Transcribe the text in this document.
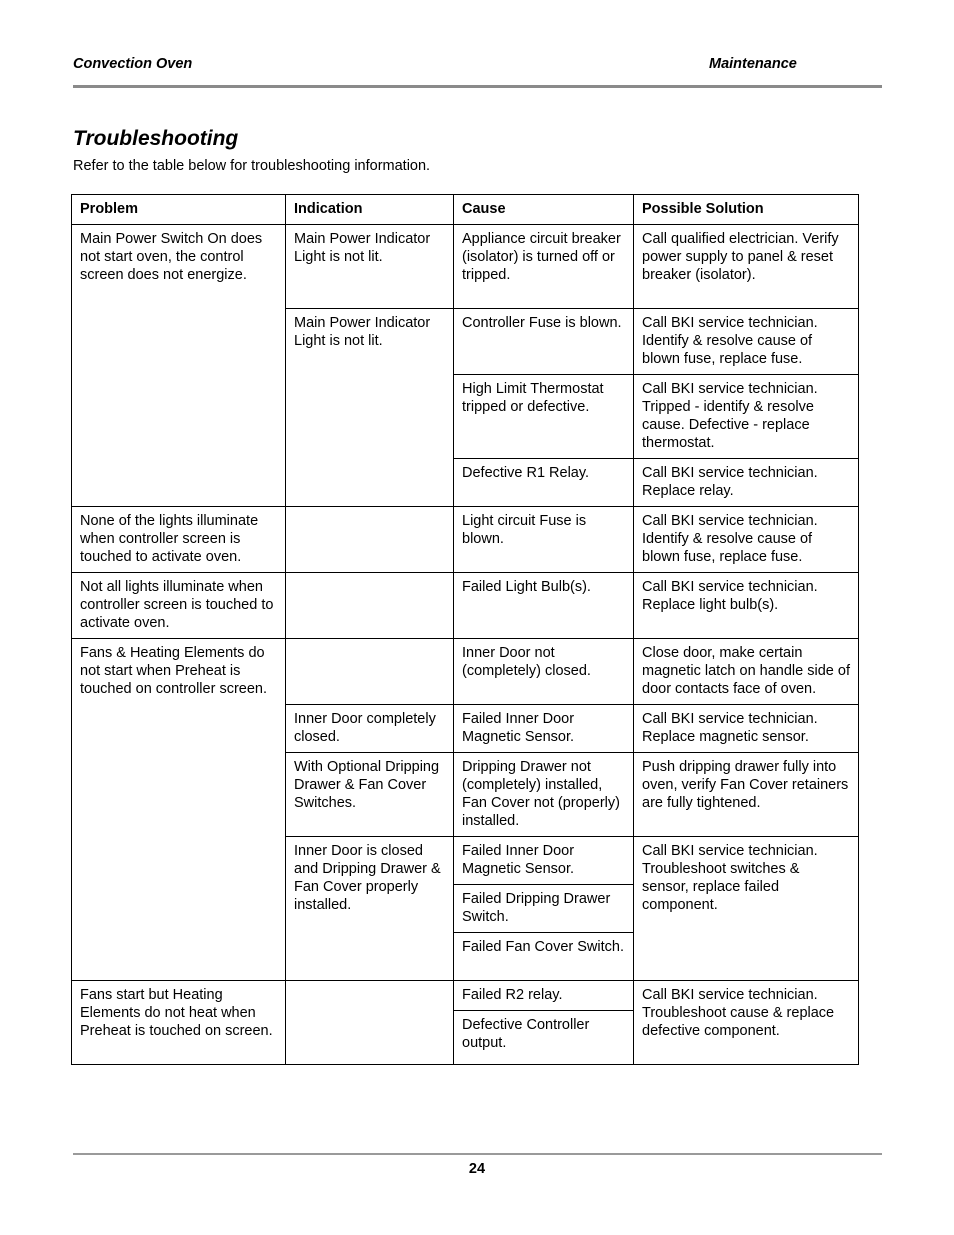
Convection Oven	Maintenance
Troubleshooting
Refer to the table below for troubleshooting information.
Problem	Indication	Cause	Possible Solution
Main Power Switch On does not start oven, the control screen does not energize.	Main Power Indicator Light is not lit.	Appliance circuit breaker (isolator) is turned off or tripped.	Call qualified electrician. Verify power supply to panel & reset breaker (isolator).
	Main Power Indicator Light is not lit.	Controller Fuse is blown.	Call BKI service technician. Identify & resolve cause of blown fuse, replace fuse.
		High Limit Thermostat tripped or defective.	Call BKI service technician. Tripped - identify & resolve cause. Defective - replace thermostat.
		Defective R1 Relay.	Call BKI service technician. Replace relay.
None of the lights illuminate when controller screen is touched to activate oven.		Light circuit Fuse is blown.	Call BKI service technician. Identify & resolve cause of blown fuse, replace fuse.
Not all lights illuminate when controller screen is touched to activate oven.		Failed Light Bulb(s).	Call BKI service technician. Replace light bulb(s).
Fans & Heating Elements do not start when Preheat is touched on controller screen.		Inner Door not (completely) closed.	Close door, make certain magnetic latch on handle side of door contacts face of oven.
	Inner Door completely closed.	Failed Inner Door Magnetic Sensor.	Call BKI service technician. Replace magnetic sensor.
	With Optional Dripping Drawer & Fan Cover Switches.	Dripping Drawer not (completely) installed, Fan Cover not (properly) installed.	Push dripping drawer fully into oven, verify Fan Cover retainers are fully tightened.
	Inner Door is closed and Dripping Drawer & Fan Cover properly installed.	Failed Inner Door Magnetic Sensor.	Call BKI service technician. Troubleshoot switches & sensor, replace failed component.
		Failed Dripping Drawer Switch.	
		Failed Fan Cover Switch.	
Fans start but Heating Elements do not heat when Preheat is touched on screen.		Failed R2 relay.	Call BKI service technician. Troubleshoot cause & replace defective component.
		Defective Controller output.	
24
